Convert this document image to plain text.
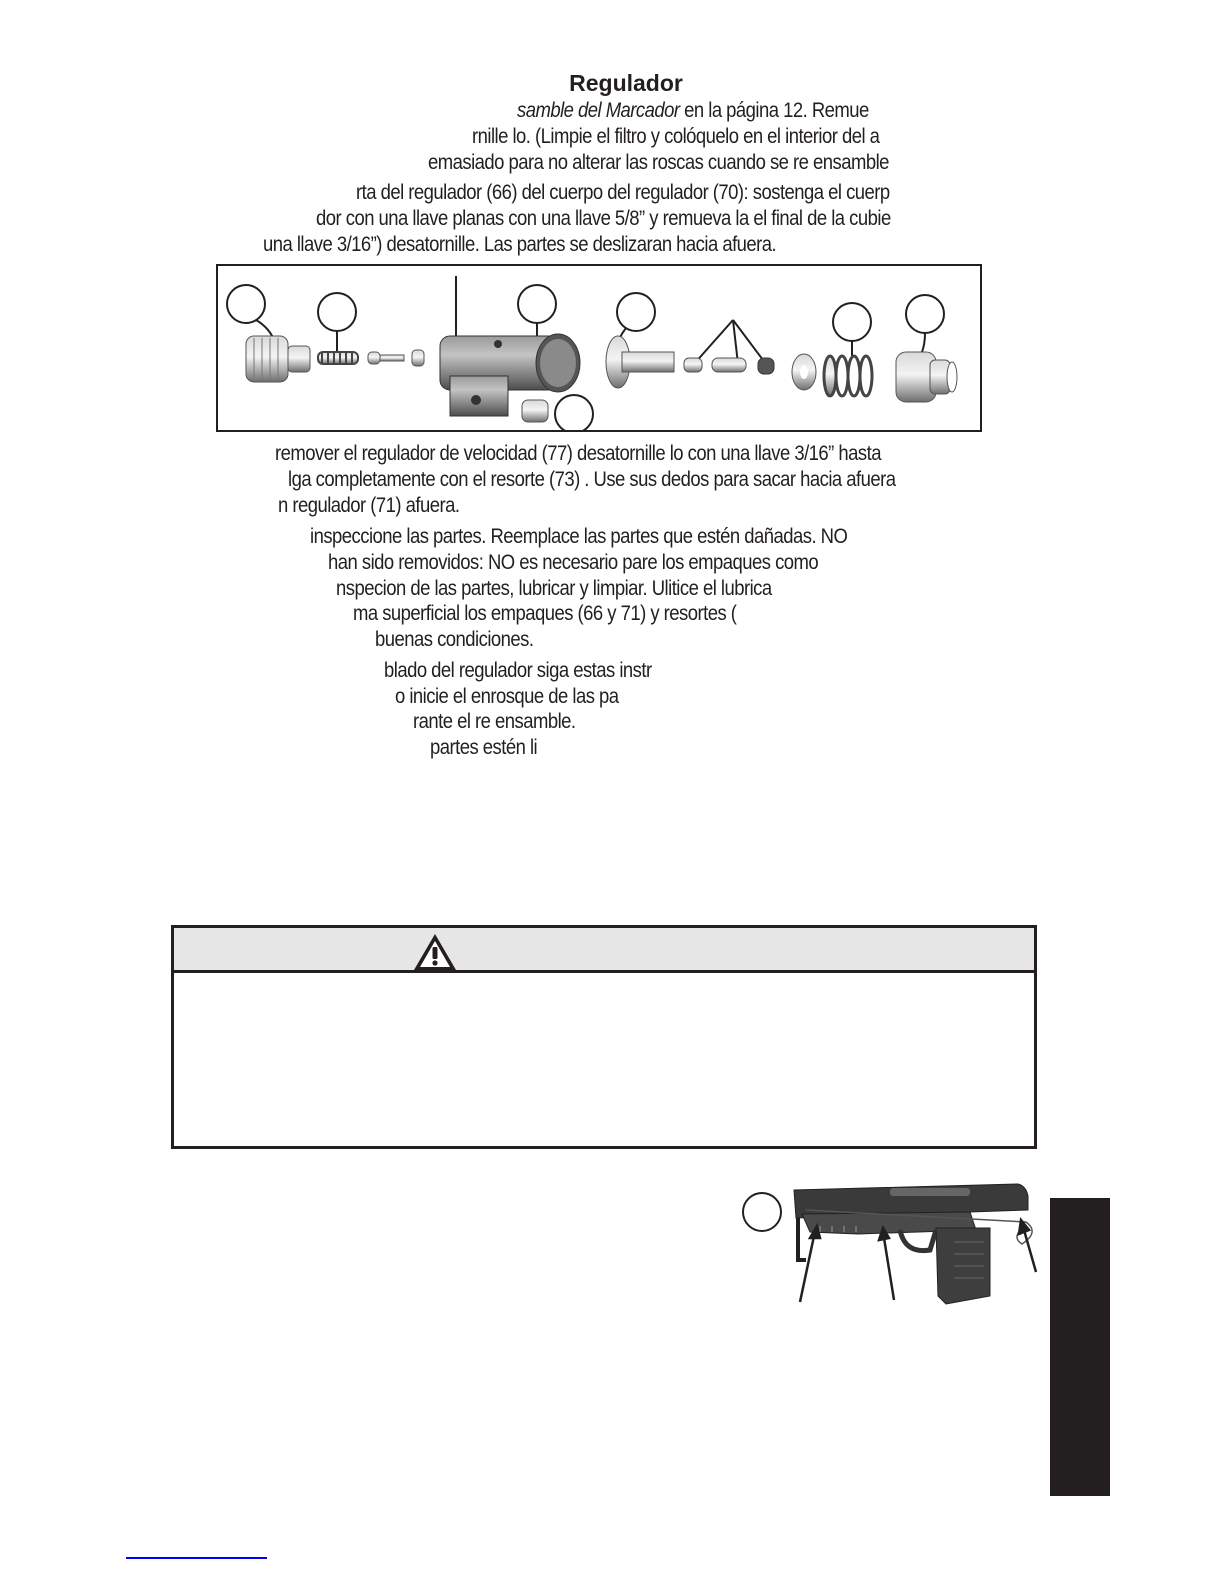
Regulador
samble del Marcador en la página 12. Remue
rnille lo. (Limpie el filtro y colóquelo en el interior del a
emasiado para no alterar las roscas cuando se re ensamble
rta del regulador (66) del cuerpo del regulador (70): sostenga el cuerp
dor con una llave planas con una llave 5/8” y remueva la el final de la cubie
una llave 3/16”) desatornille. Las partes se deslizaran hacia afuera.
remover el regulador de velocidad (77) desatornille lo con una llave 3/16” hasta
lga completamente con el resorte (73) . Use sus dedos para sacar hacia afuera
n regulador (71) afuera.
inspeccione las partes. Reemplace las partes que estén dañadas. NO
han sido removidos: NO es necesario pare los empaques como
nspecion de las partes, lubricar y limpiar. Ulitice el lubrica
ma superficial los empaques (66 y 71) y resortes (
buenas condiciones.
blado del regulador siga estas instr
o inicie el enrosque de las pa
rante el re ensamble.
partes estén li
